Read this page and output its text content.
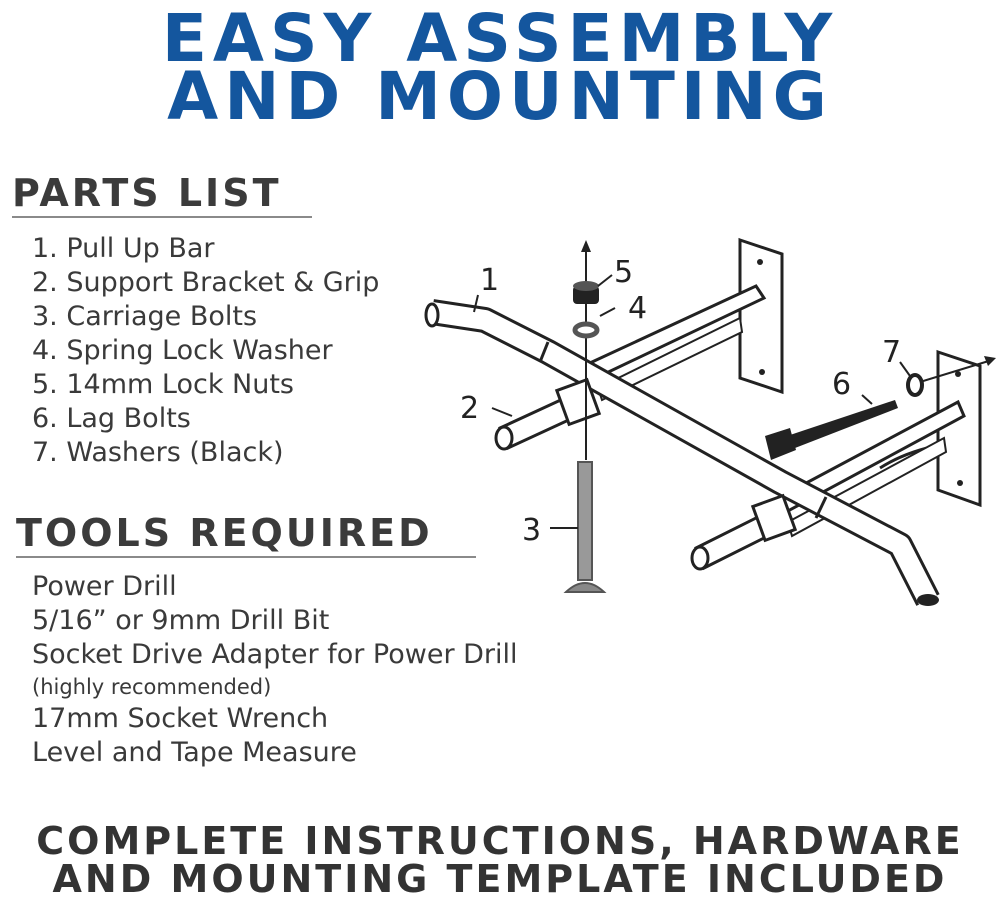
EASY ASSEMBLY
AND MOUNTING
PARTS LIST
1. Pull Up Bar
2. Support Bracket & Grip
3. Carriage Bolts
4. Spring Lock Washer
5. 14mm Lock Nuts
6. Lag Bolts
7. Washers (Black)
TOOLS REQUIRED
Power Drill
5/16” or 9mm Drill Bit
Socket Drive Adapter for Power Drill
(highly recommended)
17mm Socket Wrench
Level and Tape Measure
1
2
3
4
5
6
7

COMPLETE INSTRUCTIONS, HARDWARE

AND MOUNTING TEMPLATE INCLUDED
